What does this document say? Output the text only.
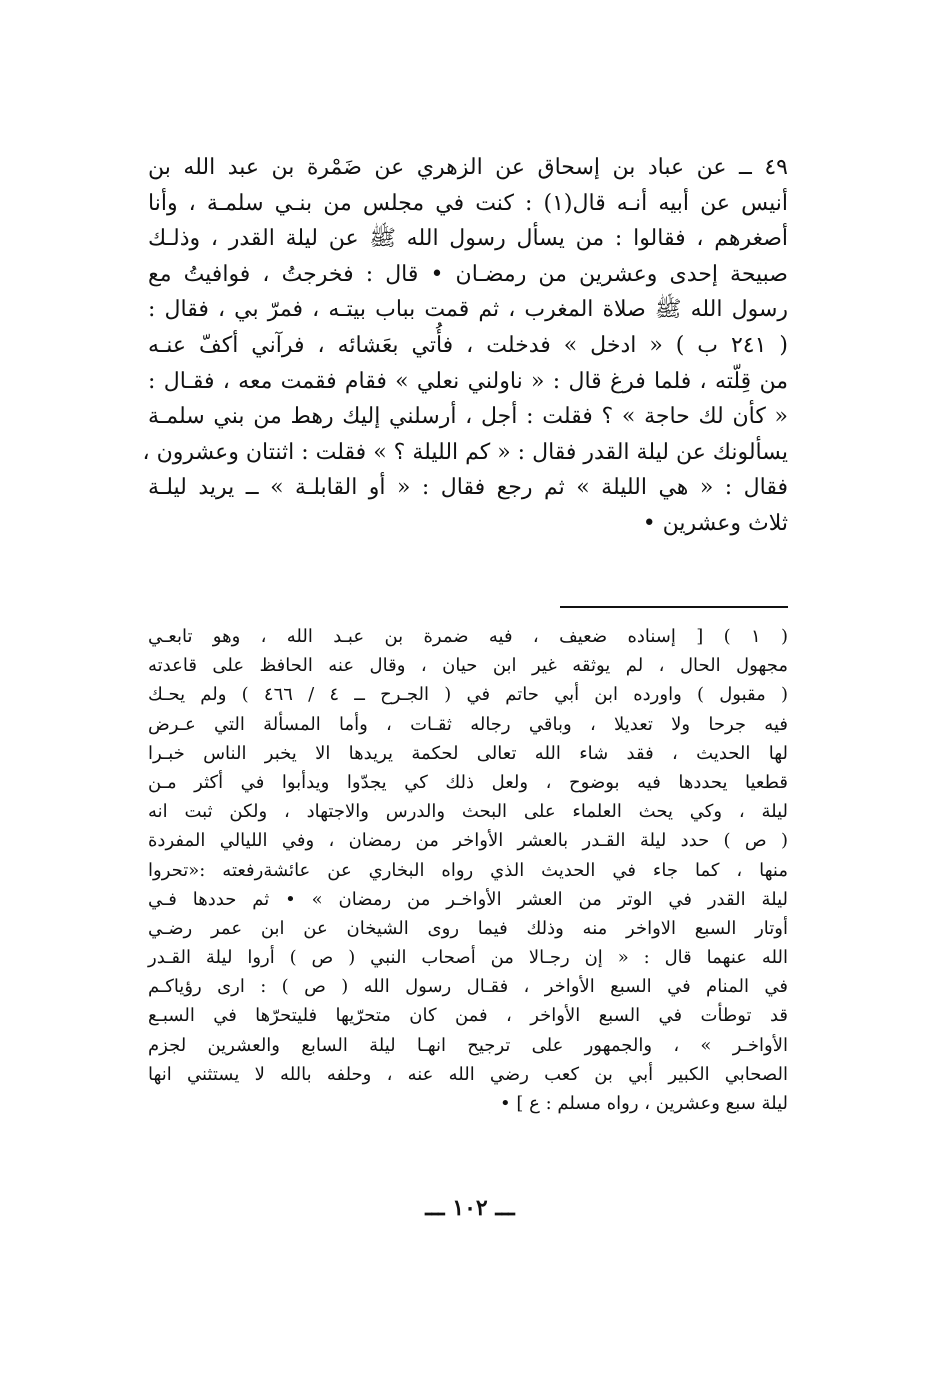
٤٩ ــ عن عباد بن إسحاق عن الزهري عن ضَمْرة بن عبد الله بن
أنيس عن أبيه أنـه قال(١) : كنت في مجلس من بنـي سلمـة ، وأنا
أصغرهم ، فقالوا : من يسأل رسول الله ﷺ عن ليلة القدر ، وذلـك
صبيحة إحدى وعشرين من رمضـان • قال : فخرجتُ ، فوافيتُ مع
رسول الله ﷺ صلاة المغرب ، ثم قمت بباب بيتـه ، فمرّ بي ، فقال :
( ٢٤١ ب ) « ادخل » فدخلت ، فأُتي بعَشائه ، فرآني أكفّ عنـه
من قِلّته ، فلما فرغ قال : « ناولني نعلي » فقام فقمت معه ، فقـال :
« كأن لك حاجة » ؟ فقلت : أجل ، أرسلني إليك رهط من بني سلمـة
يسألونك عن ليلة القدر فقال : « كم الليلة ؟ » فقلت : اثنتان وعشرون ،
فقال : « هي الليلة » ثم رجع فقال : « أو القابلـة » ــ يريد ليلـة
ثلاث وعشرين •
( ١ ) [ إسناده ضعيف ، فيه ضمرة بن عبـد الله ، وهو تابعـي
مجهول الحال ، لم يوثقه غير ابن حيان ، وقال عنه الحافظ على قاعدته
( مقبول ) واورده ابن أبي حاتم في ( الجـرح ــ ٤ / ٤٦٦ ) ولم يحـك
فيه جرحا ولا تعديلا ، وباقي رجاله ثقـات ، وأما المسألة التي عـرض
لها الحديث ، فقد شاء الله تعالى لحكمة يريدها الا يخبر الناس خبـرا
قطعيا يحددها فيه بوضوح ، ولعل ذلك كي يجدّوا ويدأبوا في أكثر مـن
ليلة ، وكي يحث العلماء على البحث والدرس والاجتهاد ، ولكن ثبت انه
( ص ) حدد ليلة القـدر بالعشر الأواخر من رمضان ، وفي الليالي المفردة
منها ، كما جاء في الحديث الذي رواه البخاري عن عائشةرفعته :«تحروا
ليلة القدر في الوتر من العشر الأواخـر من رمضان » • ثم حددها فـي
أوتار السبع الاواخر منه وذلك فيما روى الشيخان عن ابن عمر رضـي
الله عنهما قال : « إن رجـالا من أصحاب النبي ( ص ) أروا ليلة القـدر
في المنام في السبع الأواخر ، فقـال رسول الله ( ص ) : ارى رؤياكـم
قد توطأت في السبع الأواخر ، فمن كان متحرّيها فليتحرّها في السبـع
الأواخـر » ، والجمهور على ترجيح انهـا ليلة السابع والعشرين لجزم
الصحابي الكبير أبي بن كعب رضي الله عنه ، وحلفه بالله لا يستثني انها
ليلة سبع وعشرين ، رواه مسلم : ع ] •
ـــ ١٠٢ ـــ
